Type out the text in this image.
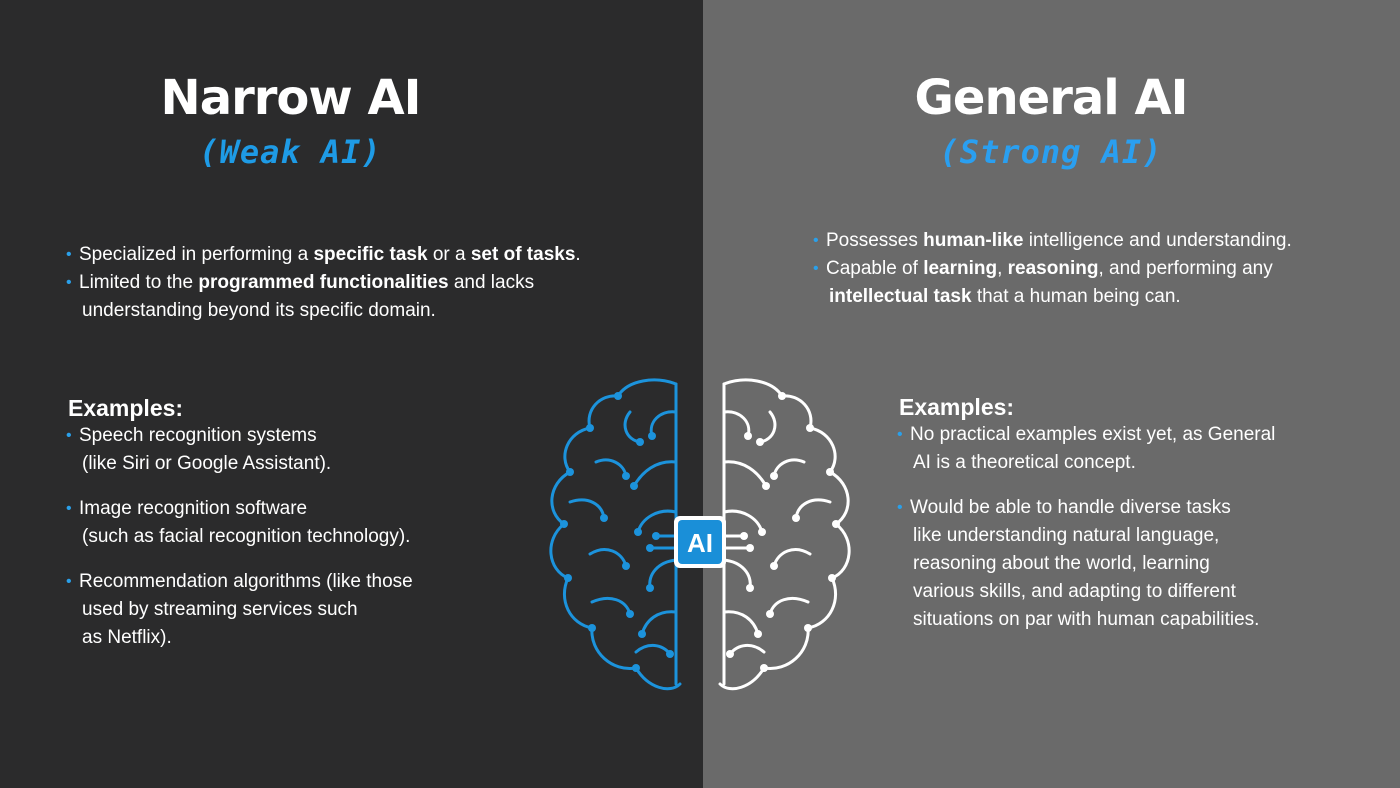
Narrow AI
(Weak AI)
General AI
(Strong AI)
• Specialized in performing a specific task or a set of tasks.
• Limited to the programmed functionalities and lacks
understanding beyond its specific domain.
• Possesses human-like intelligence and understanding.
• Capable of learning, reasoning, and performing any
intellectual task that a human being can.
Examples:
• Speech recognition systems
(like Siri or Google Assistant).
• Image recognition software
(such as facial recognition technology).
• Recommendation algorithms (like those
used by streaming services such
as Netflix).
Examples:
• No practical examples exist yet, as General
AI is a theoretical concept.
• Would be able to handle diverse tasks
like understanding natural language,
reasoning about the world, learning
various skills, and adapting to different
situations on par with human capabilities.
AI
